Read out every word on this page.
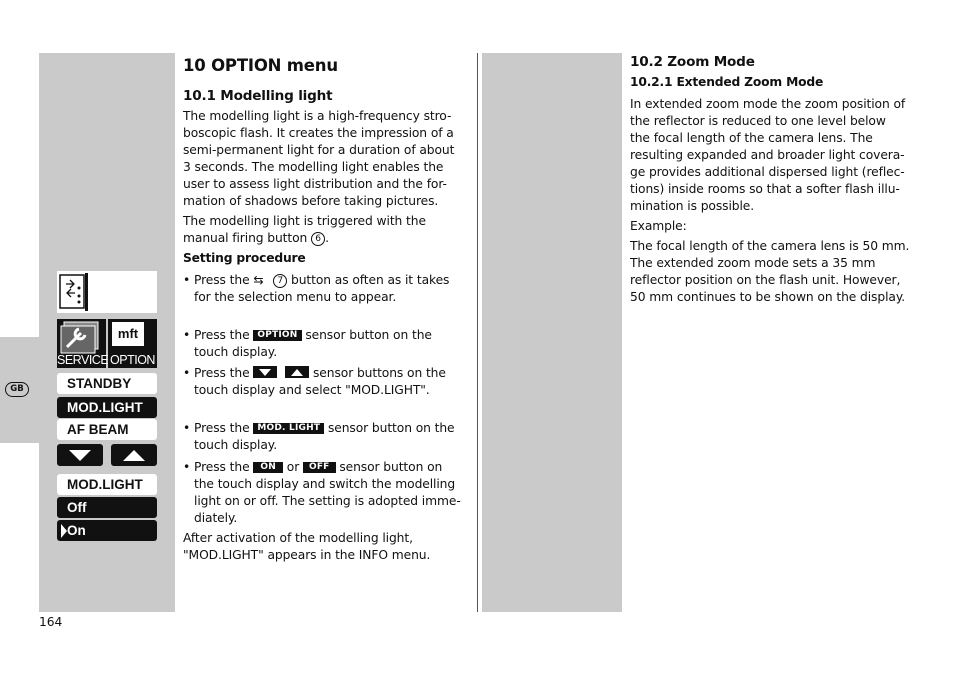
GB
SERVICE
mft
OPTION
STANDBY
MOD.LIGHT
AF BEAM
MOD.LIGHT
Off
On
10 OPTION menu
10.1 Modelling light

The modelling light is a high-frequency stro-

boscopic flash. It creates the impression of a

semi-permanent light for a duration of about

3 seconds. The modelling light enables the

user to assess light distribution and the for-

mation of shadows before taking pictures.

The modelling light is triggered with the

manual firing button 6 .

Setting procedure
• Press the ⇆ 7 button as often as it takes

for the selection menu to appear.

• Press the OPTION sensor button on the

touch display.

• Press the
	sensor buttons on the

touch display and select "MOD.LIGHT".

• Press the MOD. LIGHT sensor button on the

touch display.

• Press the ON or OFF sensor button on

the touch display and switch the modelling

light on or off. The setting is adopted imme-

diately.

After activation of the modelling light,

"MOD.LIGHT" appears in the INFO menu.

10.2 Zoom Mode
10.2.1 Extended Zoom Mode

In extended zoom mode the zoom position of

the reflector is reduced to one level below

the focal length of the camera lens. The

resulting expanded and broader light covera-

ge provides additional dispersed light (reflec-

tions) inside rooms so that a softer flash illu-

mination is possible.

Example:

The focal length of the camera lens is 50 mm.

The extended zoom mode sets a 35 mm

reflector position on the flash unit. However,

50 mm continues to be shown on the display.

164
